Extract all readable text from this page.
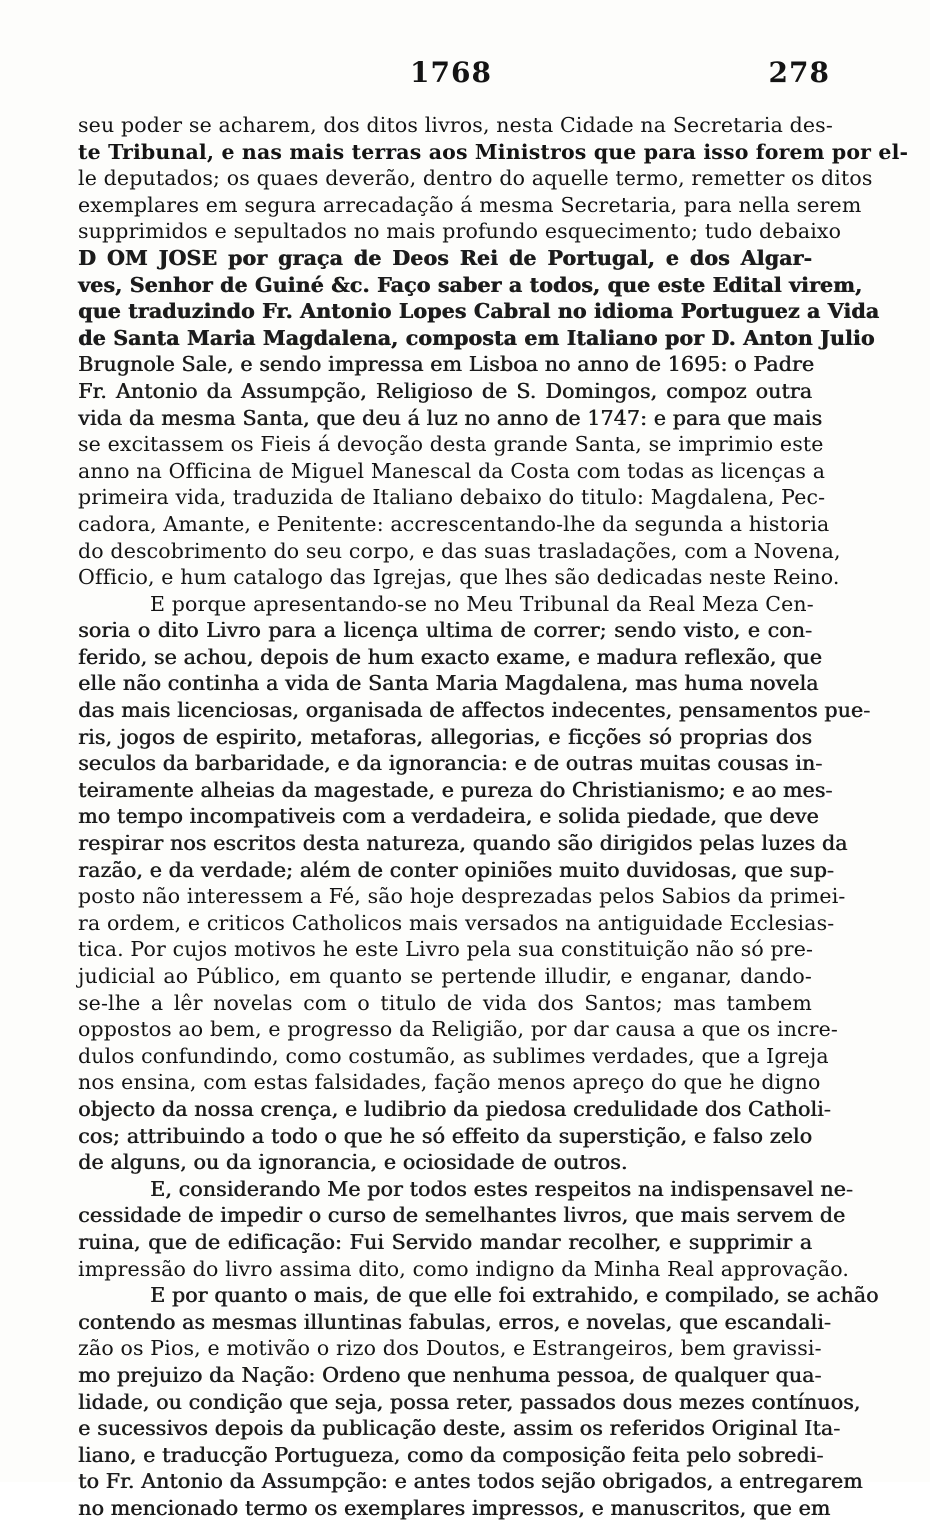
1768	278
seu poder se acharem, dos ditos livros, nesta Cidade na Secretaria des-
te Tribunal, e nas mais terras aos Ministros que para isso forem por el-
le deputados; os quaes deverão, dentro do aquelle termo, remetter os ditos
exemplares em segura arrecadação á mesma Secretaria, para nella serem
supprimidos e sepultados no mais profundo esquecimento; tudo debaixo
D OM JOSE por graça de Deos Rei de Portugal, e dos Algar-
ves, Senhor de Guiné &c. Faço saber a todos, que este Edital virem,
que traduzindo Fr. Antonio Lopes Cabral no idioma Portuguez a Vida
de Santa Maria Magdalena, composta em Italiano por D. Anton Julio
Brugnole Sale, e sendo impressa em Lisboa no anno de 1695: o Padre
Fr. Antonio da Assumpção, Religioso de S. Domingos, compoz outra
vida da mesma Santa, que deu á luz no anno de 1747: e para que mais
se excitassem os Fieis á devoção desta grande Santa, se imprimio este
anno na Officina de Miguel Manescal da Costa com todas as licenças a
primeira vida, traduzida de Italiano debaixo do titulo: Magdalena, Pec-
cadora, Amante, e Penitente: accrescentando-lhe da segunda a historia
do descobrimento do seu corpo, e das suas trasladações, com a Novena,
Officio, e hum catalogo das Igrejas, que lhes são dedicadas neste Reino.
E porque apresentando-se no Meu Tribunal da Real Meza Cen-
soria o dito Livro para a licença ultima de correr; sendo visto, e con-
ferido, se achou, depois de hum exacto exame, e madura reflexão, que
elle não continha a vida de Santa Maria Magdalena, mas huma novela
das mais licenciosas, organisada de affectos indecentes, pensamentos pue-
ris, jogos de espirito, metaforas, allegorias, e ficções só proprias dos
seculos da barbaridade, e da ignorancia: e de outras muitas cousas in-
teiramente alheias da magestade, e pureza do Christianismo; e ao mes-
mo tempo incompativeis com a verdadeira, e solida piedade, que deve
respirar nos escritos desta natureza, quando são dirigidos pelas luzes da
razão, e da verdade; além de conter opiniões muito duvidosas, que sup-
posto não interessem a Fé, são hoje desprezadas pelos Sabios da primei-
ra ordem, e criticos Catholicos mais versados na antiguidade Ecclesias-
tica. Por cujos motivos he este Livro pela sua constituição não só pre-
judicial ao Público, em quanto se pertende illudir, e enganar, dando-
se-lhe a lêr novelas com o titulo de vida dos Santos; mas tambem
oppostos ao bem, e progresso da Religião, por dar causa a que os incre-
dulos confundindo, como costumão, as sublimes verdades, que a Igreja
nos ensina, com estas falsidades, fação menos apreço do que he digno
objecto da nossa crença, e ludibrio da piedosa credulidade dos Catholi-
cos; attribuindo a todo o que he só effeito da superstição, e falso zelo
de alguns, ou da ignorancia, e ociosidade de outros.
E, considerando Me por todos estes respeitos na indispensavel ne-
cessidade de impedir o curso de semelhantes livros, que mais servem de
ruina, que de edificação: Fui Servido mandar recolher, e supprimir a
impressão do livro assima dito, como indigno da Minha Real approvação.
E por quanto o mais, de que elle foi extrahido, e compilado, se achão
contendo as mesmas illuntinas fabulas, erros, e novelas, que escandali-
zão os Pios, e motivão o rizo dos Doutos, e Estrangeiros, bem gravissi-
mo prejuizo da Nação: Ordeno que nenhuma pessoa, de qualquer qua-
lidade, ou condição que seja, possa reter, passados dous mezes contínuos,
e sucessivos depois da publicação deste, assim os referidos Original Ita-
liano, e traducção Portugueza, como da composição feita pelo sobredi-
to Fr. Antonio da Assumpção: e antes todos sejão obrigados, a entregarem
no mencionado termo os exemplares impressos, e manuscritos, que em
